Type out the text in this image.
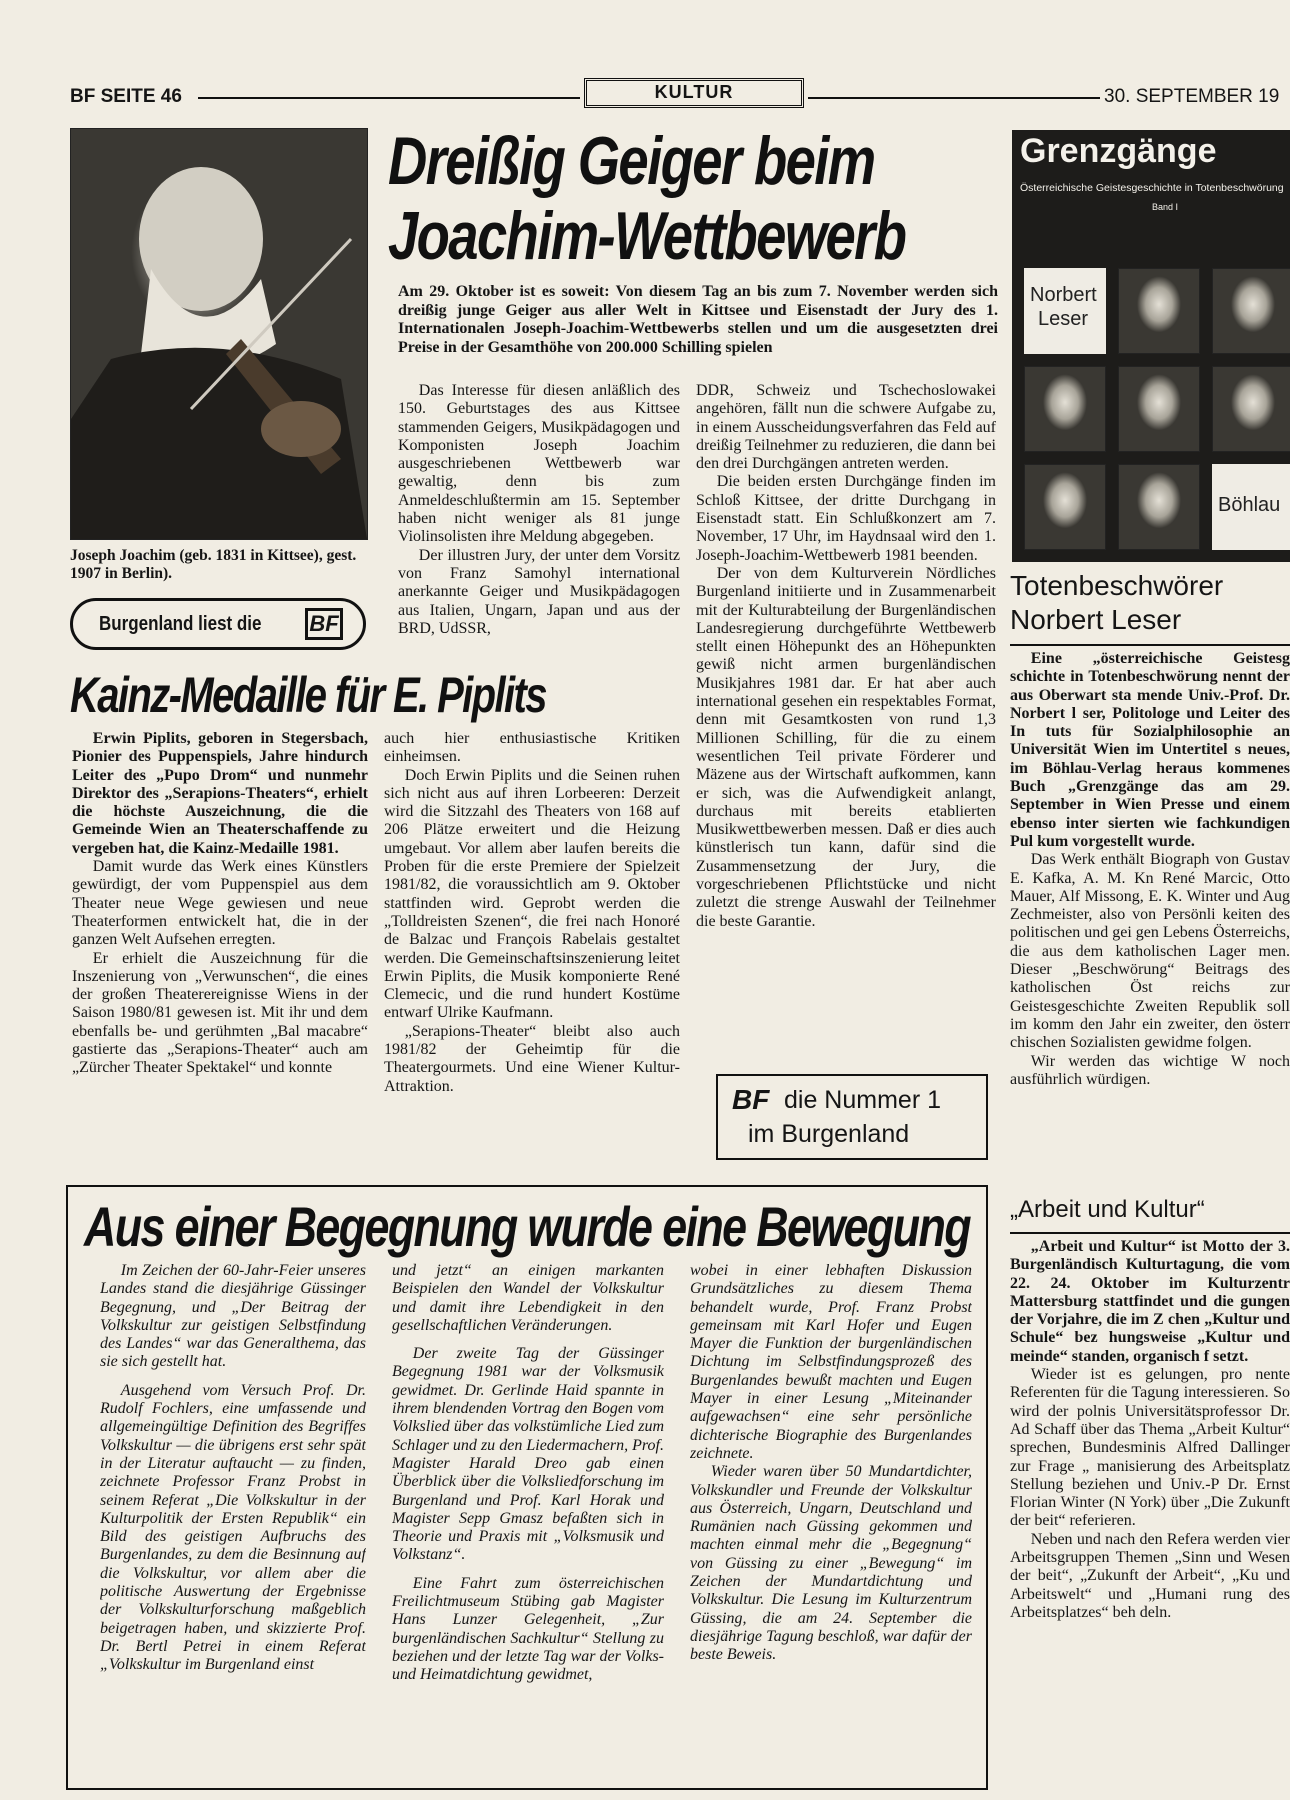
BF SEITE 46	KULTUR	30. SEPTEMBER 19
Joseph Joachim (geb. 1831 in Kittsee), gest. 1907 in Berlin).
Burgenland liest die BF
Dreißig Geiger beim
Joachim-Wettbewerb

Am 29. Oktober ist es soweit: Von diesem Tag an bis zum 7. November werden sich dreißig junge Geiger aus aller Welt in Kittsee und Eisenstadt der Jury des 1. Internationalen Joseph-Joachim-Wettbewerbs stellen und um die ausgesetzten drei Preise in der Gesamthöhe von 200.000 Schilling spielen

Das Interesse für diesen anläßlich des 150. Geburtstages des aus Kittsee stammenden Geigers, Musikpädagogen und Komponisten Joseph Joachim ausgeschriebenen Wettbewerb war gewaltig, denn bis zum Anmeldeschlußtermin am 15. September haben nicht weniger als 81 junge Violinsolisten ihre Meldung abgegeben.

Der illustren Jury, der unter dem Vorsitz von Franz Samohyl international anerkannte Geiger und Musikpädagogen aus Italien, Ungarn, Japan und aus der BRD, UdSSR,

DDR, Schweiz und Tschechoslowakei angehören, fällt nun die schwere Aufgabe zu, in einem Ausscheidungsverfahren das Feld auf dreißig Teilnehmer zu reduzieren, die dann bei den drei Durchgängen antreten werden.

Die beiden ersten Durchgänge finden im Schloß Kittsee, der dritte Durchgang in Eisenstadt statt. Ein Schlußkonzert am 7. November, 17 Uhr, im Haydnsaal wird den 1. Joseph-Joachim-Wettbewerb 1981 beenden.

Der von dem Kulturverein Nördliches Burgenland initiierte und in Zusammenarbeit mit der Kulturabteilung der Burgenländischen Landesregierung durchgeführte Wettbewerb stellt einen Höhepunkt des an Höhepunkten gewiß nicht armen burgenländischen Musikjahres 1981 dar. Er hat aber auch international gesehen ein respektables Format, denn mit Gesamtkosten von rund 1,3 Millionen Schilling, für die zu einem wesentlichen Teil private Förderer und Mäzene aus der Wirtschaft aufkommen, kann er sich, was die Aufwendigkeit anlangt, durchaus mit bereits etablierten Musikwettbewerben messen. Daß er dies auch künstlerisch tun kann, dafür sind die Zusammensetzung der Jury, die vorgeschriebenen Pflichtstücke und nicht zuletzt die strenge Auswahl der Teilnehmer die beste Garantie.

BF die Nummer 1
im Burgenland
Kainz-Medaille für E. Piplits

Erwin Piplits, geboren in Stegersbach, Pionier des Puppenspiels, Jahre hindurch Leiter des „Pupo Drom“ und nunmehr Direktor des „Serapions-Theaters“, erhielt die höchste Auszeichnung, die die Gemeinde Wien an Theaterschaffende zu vergeben hat, die Kainz-Medaille 1981.

Damit wurde das Werk eines Künstlers gewürdigt, der vom Puppenspiel aus dem Theater neue Wege gewiesen und neue Theaterformen entwickelt hat, die in der ganzen Welt Aufsehen erregten.

Er erhielt die Auszeichnung für die Inszenierung von „Verwunschen“, die eines der großen Theaterereignisse Wiens in der Saison 1980/81 gewesen ist. Mit ihr und dem ebenfalls be- und gerühmten „Bal macabre“ gastierte das „Serapions-Theater“ auch am „Zürcher Theater Spektakel“ und konnte

auch hier enthusiastische Kritiken einheimsen.

Doch Erwin Piplits und die Seinen ruhen sich nicht aus auf ihren Lorbeeren: Derzeit wird die Sitzzahl des Theaters von 168 auf 206 Plätze erweitert und die Heizung umgebaut. Vor allem aber laufen bereits die Proben für die erste Premiere der Spielzeit 1981/82, die voraussichtlich am 9. Oktober stattfinden wird. Geprobt werden die „Tolldreisten Szenen“, die frei nach Honoré de Balzac und François Rabelais gestaltet werden. Die Gemeinschaftsinszenierung leitet Erwin Piplits, die Musik komponierte René Clemecic, und die rund hundert Kostüme entwarf Ulrike Kaufmann.

„Serapions-Theater“ bleibt also auch 1981/82 der Geheimtip für die Theatergourmets. Und eine Wiener Kultur-Attraktion.

Aus einer Begegnung wurde eine Bewegung

Im Zeichen der 60-Jahr-Feier unseres Landes stand die diesjährige Güssinger Begegnung, und „Der Beitrag der Volkskultur zur geistigen Selbstfindung des Landes“ war das Generalthema, das sie sich gestellt hat.

Ausgehend vom Versuch Prof. Dr. Rudolf Fochlers, eine umfassende und allgemeingültige Definition des Begriffes Volkskultur — die übrigens erst sehr spät in der Literatur auftaucht — zu finden, zeichnete Professor Franz Probst in seinem Referat „Die Volkskultur in der Kulturpolitik der Ersten Republik“ ein Bild des geistigen Aufbruchs des Burgenlandes, zu dem die Besinnung auf die Volkskultur, vor allem aber die politische Auswertung der Ergebnisse der Volkskulturforschung maßgeblich beigetragen haben, und skizzierte Prof. Dr. Bertl Petrei in einem Referat „Volkskultur im Burgenland einst

und jetzt“ an einigen markanten Beispielen den Wandel der Volkskultur und damit ihre Lebendigkeit in den gesellschaftlichen Veränderungen.

Der zweite Tag der Güssinger Begegnung 1981 war der Volksmusik gewidmet. Dr. Gerlinde Haid spannte in ihrem blendenden Vortrag den Bogen vom Volkslied über das volkstümliche Lied zum Schlager und zu den Liedermachern, Prof. Magister Harald Dreo gab einen Überblick über die Volksliedforschung im Burgenland und Prof. Karl Horak und Magister Sepp Gmasz befaßten sich in Theorie und Praxis mit „Volksmusik und Volkstanz“.

Eine Fahrt zum österreichischen Freilichtmuseum Stübing gab Magister Hans Lunzer Gelegenheit, „Zur burgenländischen Sachkultur“ Stellung zu beziehen und der letzte Tag war der Volks- und Heimatdichtung gewidmet,

wobei in einer lebhaften Diskussion Grundsätzliches zu diesem Thema behandelt wurde, Prof. Franz Probst gemeinsam mit Karl Hofer und Eugen Mayer die Funktion der burgenländischen Dichtung im Selbstfindungsprozeß des Burgenlandes bewußt machten und Eugen Mayer in einer Lesung „Miteinander aufgewachsen“ eine sehr persönliche dichterische Biographie des Burgenlandes zeichnete.

Wieder waren über 50 Mundartdichter, Volkskundler und Freunde der Volkskultur aus Österreich, Ungarn, Deutschland und Rumänien nach Güssing gekommen und machten einmal mehr die „Begegnung“ von Güssing zu einer „Bewegung“ im Zeichen der Mundartdichtung und Volkskultur. Die Lesung im Kulturzentrum Güssing, die am 24. September die diesjährige Tagung beschloß, war dafür der beste Beweis.

Grenzgänge
Österreichische Geistesgeschichte in Totenbeschwörung
Band I
Norbert
Leser
Böhlau
Totenbeschwörer
Norbert Leser

Eine „österreichische Geistesg schichte in Totenbeschwörung nennt der aus Oberwart sta mende Univ.-Prof. Dr. Norbert l ser, Politologe und Leiter des In tuts für Sozialphilosophie an Universität Wien im Untertitel s neues, im Böhlau-Verlag heraus kommenes Buch „Grenzgänge das am 29. September in Wien Presse und einem ebenso inter sierten wie fachkundigen Pul kum vorgestellt wurde.

Das Werk enthält Biograph von Gustav E. Kafka, A. M. Kn René Marcic, Otto Mauer, Alf Missong, E. K. Winter und Aug Zechmeister, also von Persönli keiten des politischen und gei gen Lebens Österreichs, die aus dem katholischen Lager men. Dieser „Beschwörung“ Beitrags des katholischen Öst reichs zur Geistesgeschichte Zweiten Republik soll im komm den Jahr ein zweiter, den österr chischen Sozialisten gewidme folgen.

Wir werden das wichtige W noch ausführlich würdigen.

„Arbeit und Kultur“

„Arbeit und Kultur“ ist Motto der 3. Burgenländisch Kulturtagung, die vom 22. 24. Oktober im Kulturzentr Mattersburg stattfindet und die gungen der Vorjahre, die im Z chen „Kultur und Schule“ bez hungsweise „Kultur und meinde“ standen, organisch f setzt.

Wieder ist es gelungen, pro nente Referenten für die Tagung interessieren. So wird der polnis Universitätsprofessor Dr. Ad Schaff über das Thema „Arbeit Kultur“ sprechen, Bundesminis Alfred Dallinger zur Frage „ manisierung des Arbeitsplatz Stellung beziehen und Univ.-P Dr. Ernst Florian Winter (N York) über „Die Zukunft der beit“ referieren.

Neben und nach den Refera werden vier Arbeitsgruppen Themen „Sinn und Wesen der beit“, „Zukunft der Arbeit“, „Ku und Arbeitswelt“ und „Humani rung des Arbeitsplatzes“ beh deln.
